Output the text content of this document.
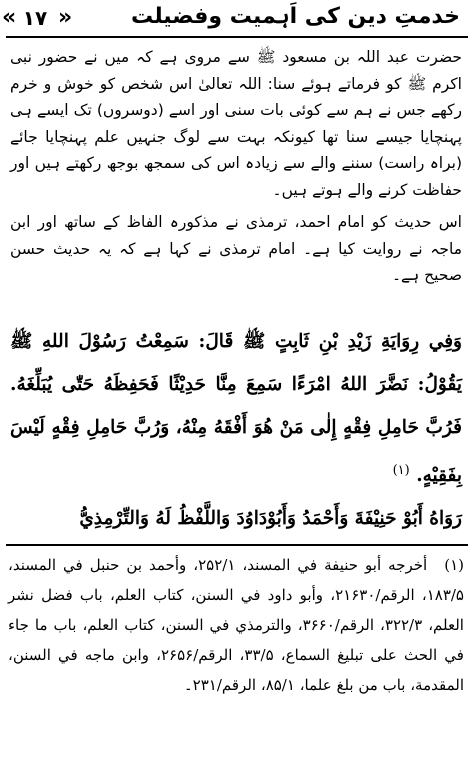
خدمتِ دین کی اَہمیت وفضیلت
« ۱۷ »

حضرت عبد اللہ بن مسعود ﷺ سے مروی ہے کہ میں نے حضور نبی اکرم ﷺ کو فرماتے ہوئے سنا: اللہ تعالیٰ اس شخص کو خوش و خرم رکھے جس نے ہم سے کوئی بات سنی اور اسے (دوسروں) تک ایسے ہی پہنچایا جیسے سنا تھا کیونکہ بہت سے لوگ جنہیں علم پہنچایا جائے (براہ راست) سننے والے سے زیادہ اس کی سمجھ بوجھ رکھتے ہیں اور حفاظت کرنے والے ہوتے ہیں۔

اس حدیث کو امام احمد، ترمذی نے مذکورہ الفاظ کے ساتھ اور ابن ماجہ نے روایت کیا ہے۔ امام ترمذی نے کہا ہے کہ یہ حدیث حسن صحیح ہے۔

وَفِي رِوَايَةِ زَيْدِ بْنِ ثَابِتٍ ﷺ قَالَ: سَمِعْتُ رَسُوْلَ اللهِ ﷺ يَقُوْلُ: نَضَّرَ اللهُ امْرَءًا سَمِعَ مِنَّا حَدِيْثًا فَحَفِظَهُ حَتّٰى يُبَلِّغَهُ. فَرُبَّ حَامِلِ فِقْهٍ إِلٰى مَنْ هُوَ أَفْقَهُ مِنْهُ، وَرُبَّ حَامِلِ فِقْهٍ لَيْسَ بِفَقِيْهٍ. $^{(۱)}$
رَوَاهُ أَبُوْ حَنِيْفَةَ وَأَحْمَدُ وَأَبُوْدَاوُدَ وَاللَّفْظُ لَهُ وَالتِّرْمِذِيُّ
(۱) أخرجه أبو حنيفة في المسند، ۲۵۲/۱، وأحمد بن حنبل في المسند، ۱۸۳/۵، الرقم/۲۱۶۳۰، وأبو داود في السنن، كتاب العلم، باب فضل نشر العلم، ۳۲۲/۳، الرقم/۳۶۶۰، والترمذي في السنن، كتاب العلم، باب ما جاء في الحث على تبليغ السماع، ۳۳/۵، الرقم/۲۶۵۶، وابن ماجه في السنن، المقدمة، باب من بلغ علما، ۸۵/۱، الرقم/۲۳۱۔
